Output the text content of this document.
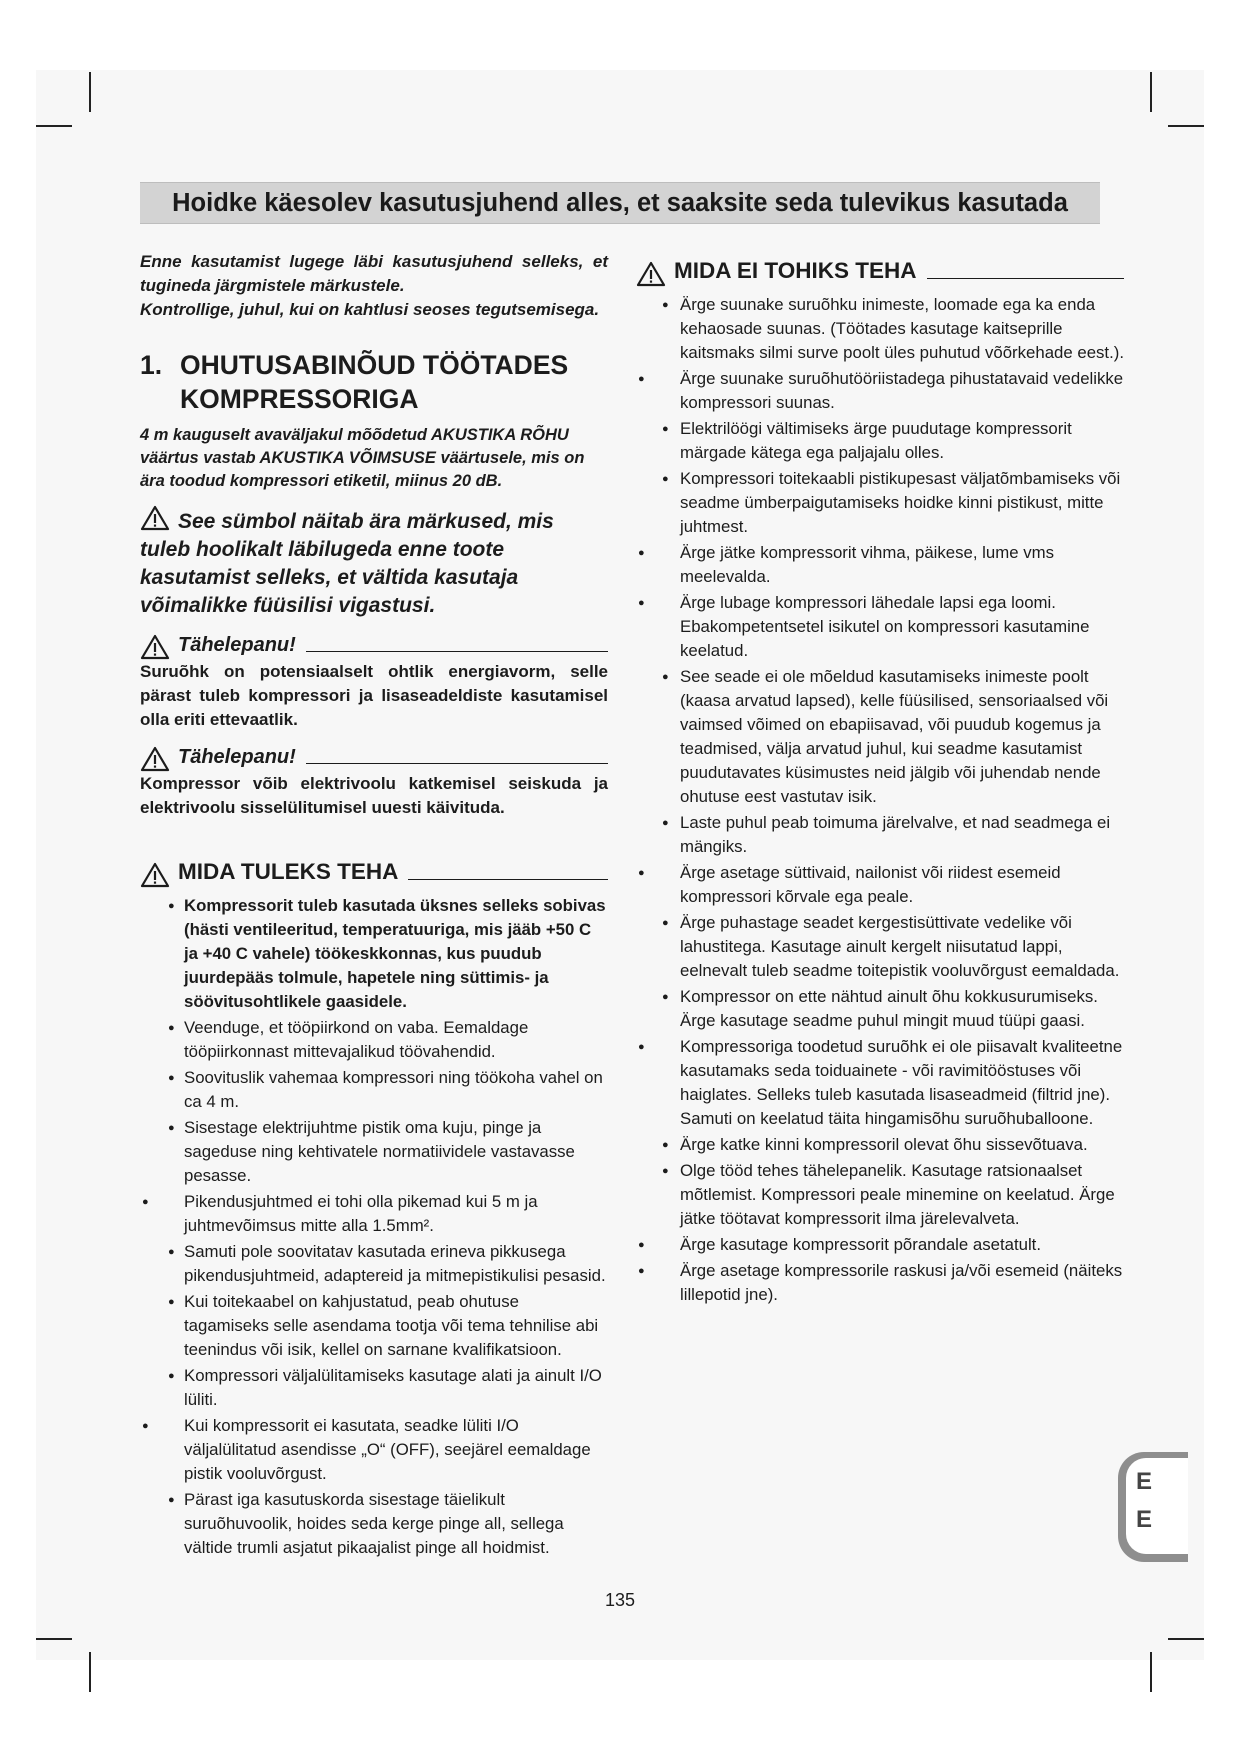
Hoidke käesolev kasutusjuhend alles, et saaksite seda tulevikus kasutada

Enne kasutamist lugege läbi kasutusjuhend selleks, et tugineda järgmistele märkustele.

Kontrollige, juhul, kui on kahtlusi seoses tegutsemisega.

1. OHUTUSABINÕUD TÖÖTADES
KOMPRESSORIGA

4 m kauguselt avaväljakul mõõdetud AKUSTIKA RÕHU väärtus vastab AKUSTIKA VÕIMSUSE väärtusele, mis on ära toodud kompressori etiketil, miinus 20 dB.

See sümbol näitab ära märkused, mis tuleb hoolikalt läbilugeda enne toote kasutamist selleks, et vältida kasutaja võimalikke füüsilisi vigastusi.

Tähelepanu!

Suruõhk on potensiaalselt ohtlik energiavorm, selle pärast tuleb kompressori ja lisaseadeldiste kasutamisel olla eriti ettevaatlik.

Tähelepanu!

Kompressor võib elektrivoolu katkemisel seiskuda ja elektrivoolu sisselülitumisel uuesti käivituda.

MIDA TULEKS TEHA
● Kompressorit tuleb kasutada üksnes selleks sobivas (hästi ventileeritud, temperatuuriga, mis jääb +50 C ja +40 C vahele) töökeskkonnas, kus puudub juurdepääs tolmule, hapetele ning süttimis- ja söövitusohtlikele gaasidele.
● Veenduge, et tööpiirkond on vaba. Eemaldage tööpiirkonnast mittevajalikud töövahendid.
● Soovituslik vahemaa kompressori ning töökoha vahel on ca 4 m.
● Sisestage elektrijuhtme pistik oma kuju, pinge ja sageduse ning kehtivatele normatiividele vastavasse pesasse.
● Pikendusjuhtmed ei tohi olla pikemad kui 5 m ja juhtmevõimsus mitte alla 1.5mm².
● Samuti pole soovitatav kasutada erineva pikkusega pikendusjuhtmeid, adaptereid ja mitmepistikulisi pesasid.
● Kui toitekaabel on kahjustatud, peab ohutuse tagamiseks selle asendama tootja või tema tehnilise abi teenindus või isik, kellel on sarnane kvalifikatsioon.
● Kompressori väljalülitamiseks kasutage alati ja ainult I/O lüliti.
● Kui kompressorit ei kasutata, seadke lüliti I/O väljalülitatud asendisse „O“ (OFF), seejärel eemaldage pistik vooluvõrgust.
● Pärast iga kasutuskorda sisestage täielikult suruõhuvoolik, hoides seda kerge pinge all, sellega vältide trumli asjatut pikaajalist pinge all hoidmist.
MIDA EI TOHIKS TEHA
● Ärge suunake suruõhku inimeste, loomade ega ka enda kehaosade suunas. (Töötades kasutage kaitseprille kaitsmaks silmi surve poolt üles puhutud võõrkehade eest.).
● Ärge suunake suruõhutööriistadega pihustatavaid vedelikke kompressori suunas.
● Elektrilöögi vältimiseks ärge puudutage kompressorit märgade kätega ega paljajalu olles.
● Kompressori toitekaabli pistikupesast väljatõmbamiseks või seadme ümberpaigutamiseks hoidke kinni pistikust, mitte juhtmest.
● Ärge jätke kompressorit vihma, päikese, lume vms meelevalda.
● Ärge lubage kompressori lähedale lapsi ega loomi. Ebakompetentsetel isikutel on kompressori kasutamine keelatud.
● See seade ei ole mõeldud kasutamiseks inimeste poolt (kaasa arvatud lapsed), kelle füüsilised, sensoriaalsed või vaimsed võimed on ebapiisavad, või puudub kogemus ja teadmised, välja arvatud juhul, kui seadme kasutamist puudutavates küsimustes neid jälgib või juhendab nende ohutuse eest vastutav isik.
● Laste puhul peab toimuma järelvalve, et nad seadmega ei mängiks.
● Ärge asetage süttivaid, nailonist või riidest esemeid kompressori kõrvale ega peale.
● Ärge puhastage seadet kergestisüttivate vedelike või lahustitega. Kasutage ainult kergelt niisutatud lappi, eelnevalt tuleb seadme toitepistik vooluvõrgust eemaldada.
● Kompressor on ette nähtud ainult õhu kokkusurumiseks. Ärge kasutage seadme puhul mingit muud tüüpi gaasi.
● Kompressoriga toodetud suruõhk ei ole piisavalt kvaliteetne kasutamaks seda toiduainete - või ravimitööstuses või haiglates. Selleks tuleb kasutada lisaseadmeid (filtrid jne). Samuti on keelatud täita hingamisõhu suruõhuballoone.
● Ärge katke kinni kompressoril olevat õhu sissevõtuava.
● Olge tööd tehes tähelepanelik. Kasutage ratsionaalset mõtlemist. Kompressori peale minemine on keelatud. Ärge jätke töötavat kompressorit ilma järelevalveta.
● Ärge kasutage kompressorit põrandale asetatult.
● Ärge asetage kompressorile raskusi ja/või esemeid (näiteks lillepotid jne).
135
E
E
